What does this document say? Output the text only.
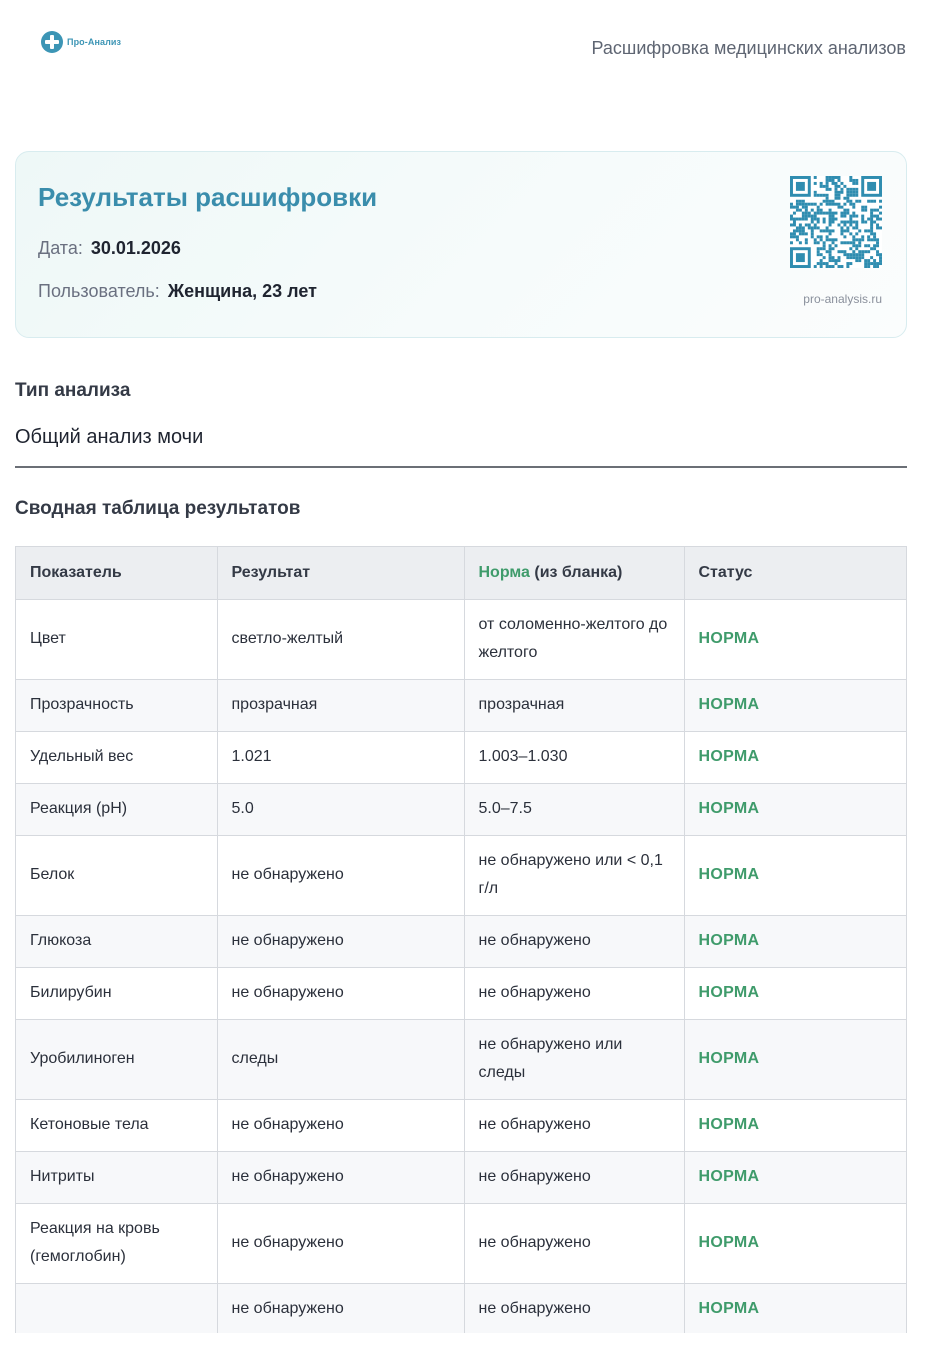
Про-Анализ	Расшифровка медицинских анализов
Результаты расшифровки
Дата: 30.01.2026
Пользователь: Женщина, 23 лет	pro-analysis.ru
Тип анализа
Общий анализ мочи
Сводная таблица результатов
Показатель	Результат	Норма (из бланка)	Статус
Цвет	светло-желтый	от соломенно-желтого до желтого	НОРМА
Прозрачность	прозрачная	прозрачная	НОРМА
Удельный вес	1.021	1.003–1.030	НОРМА
Реакция (pH)	5.0	5.0–7.5	НОРМА
Белок	не обнаружено	не обнаружено или < 0,1 г/л	НОРМА
Глюкоза	не обнаружено	не обнаружено	НОРМА
Билирубин	не обнаружено	не обнаружено	НОРМА
Уробилиноген	следы	не обнаружено или следы	НОРМА
Кетоновые тела	не обнаружено	не обнаружено	НОРМА
Нитриты	не обнаружено	не обнаружено	НОРМА
Реакция на кровь (гемоглобин)	не обнаружено	не обнаружено	НОРМА
	не обнаружено	не обнаружено	НОРМА
